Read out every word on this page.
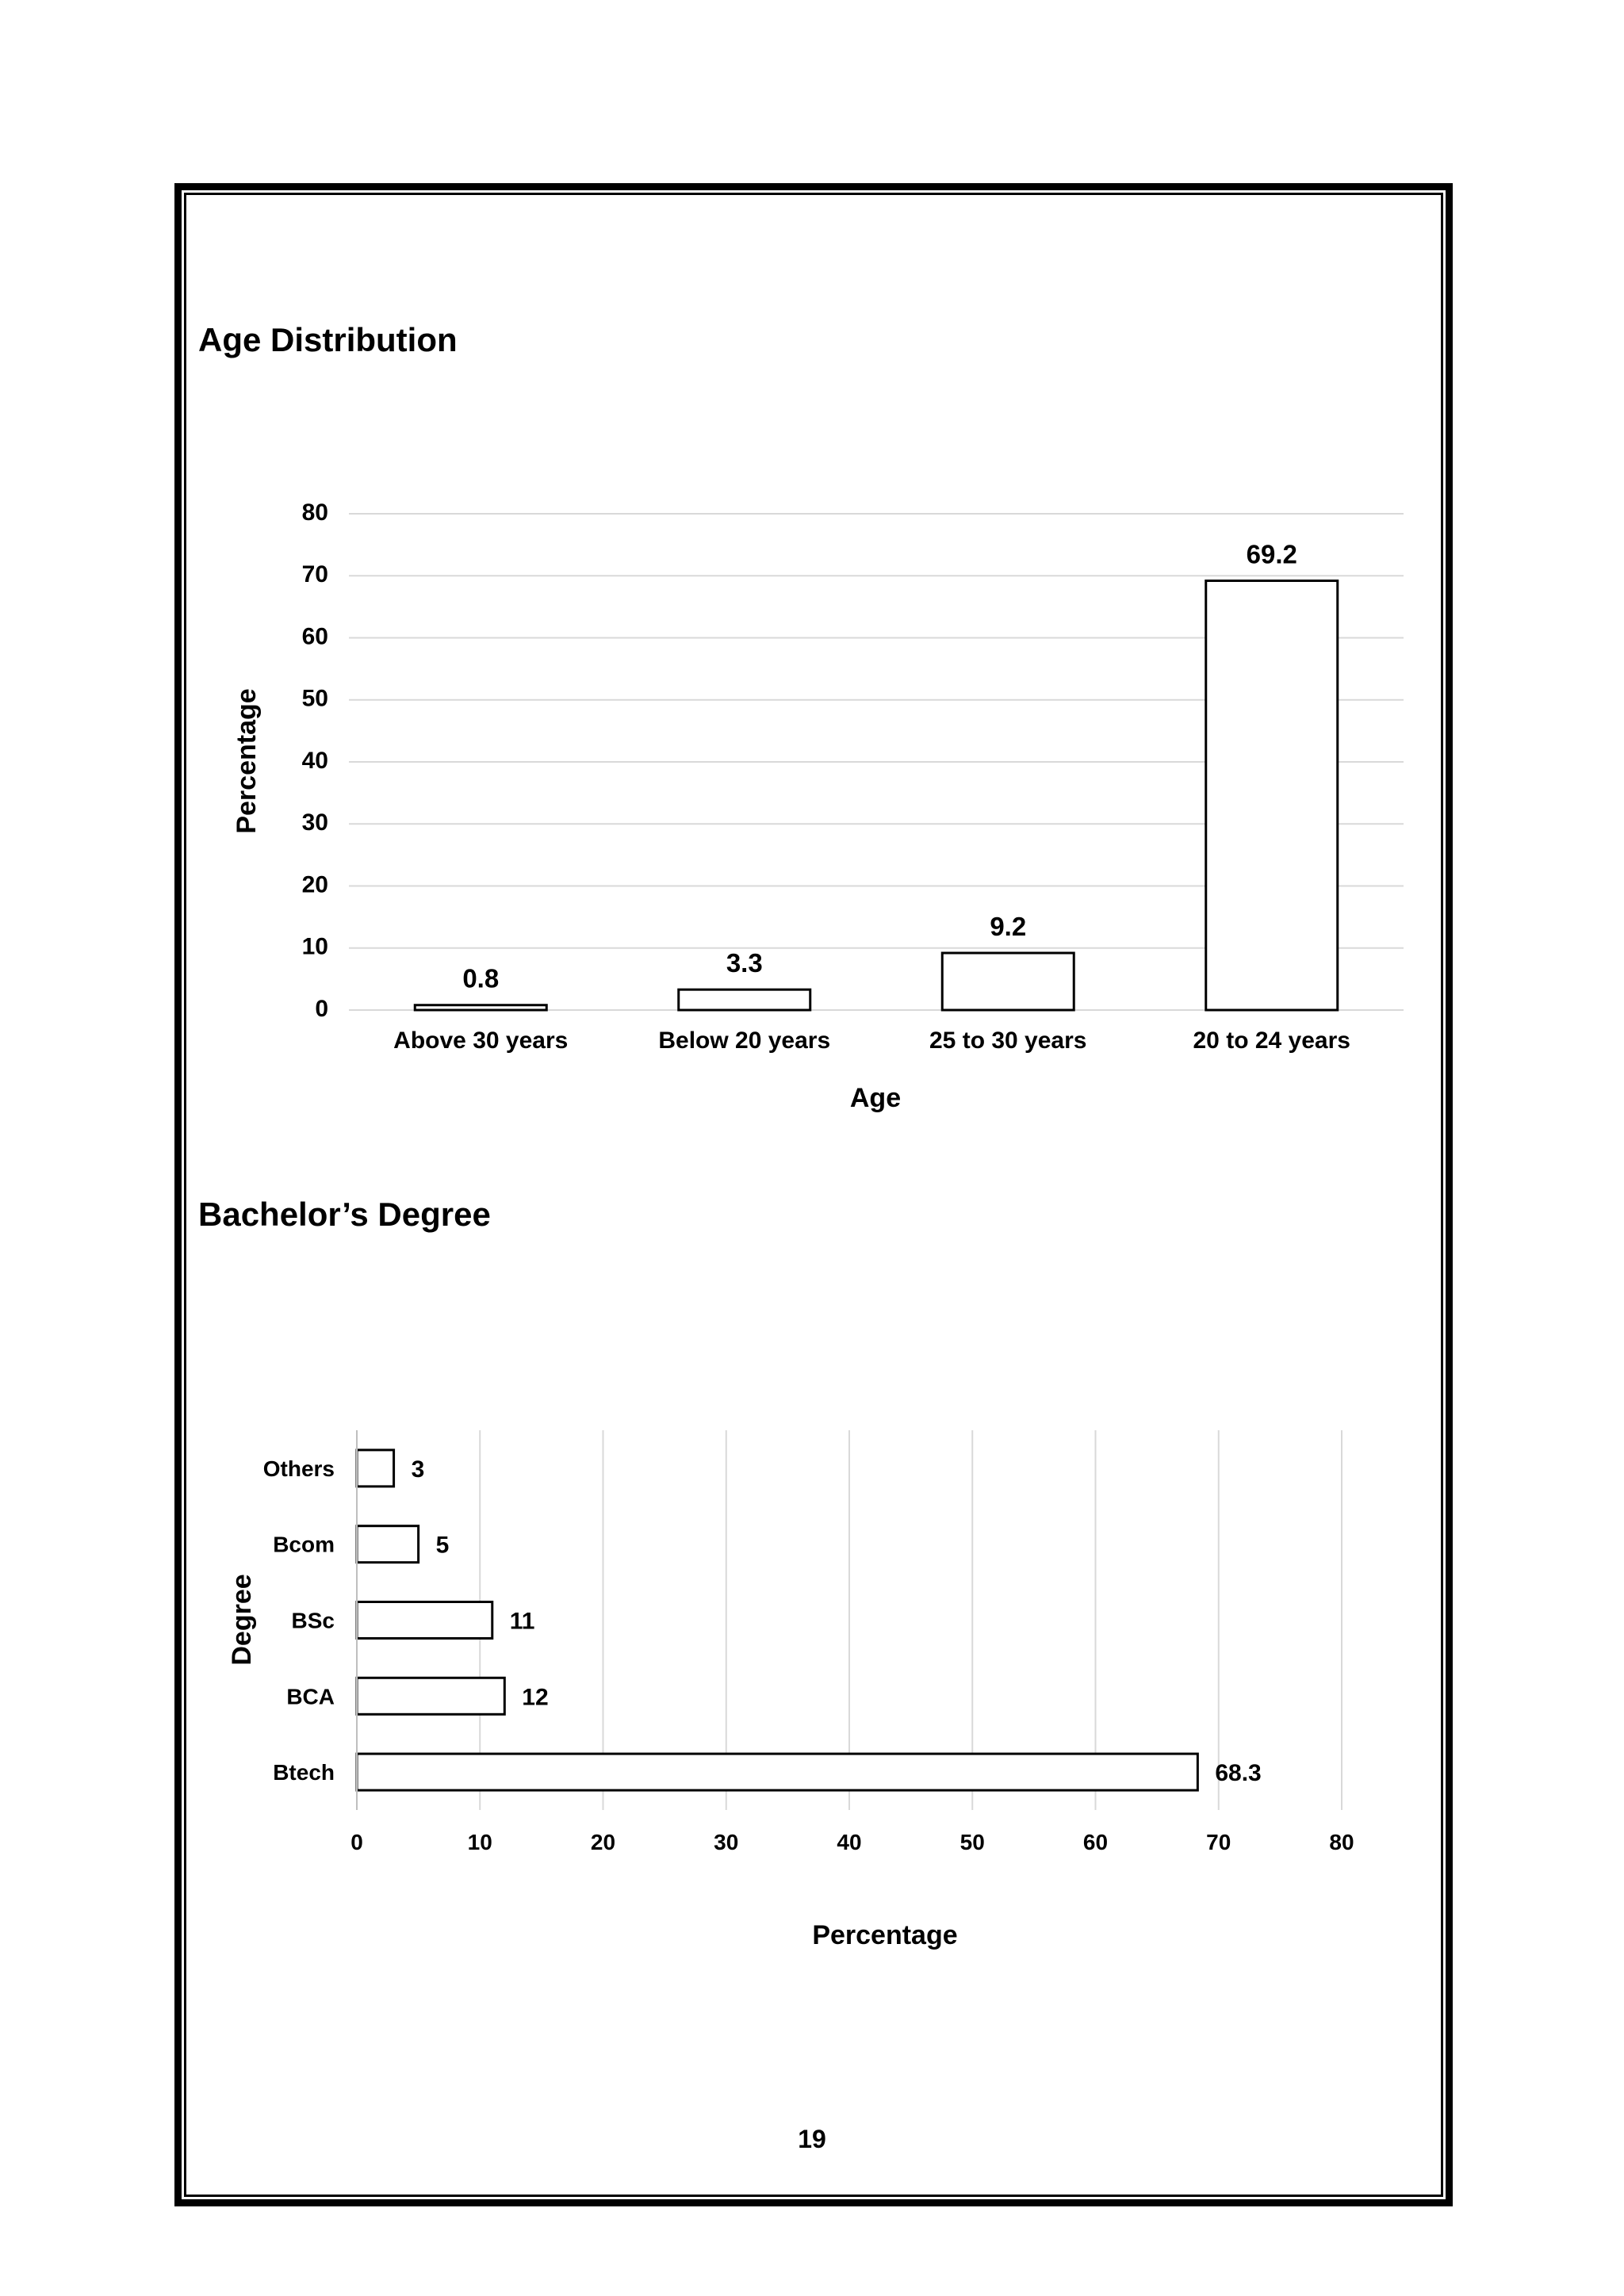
Age Distribution
Bachelor’s Degree
0
10
20
30
40
50
60
70
80
0.8
Above 30 years
3.3
Below 20 years
9.2
25 to 30 years
69.2
20 to 24 years
Age
Percentage
0	10	20	30	40	50	60	70	80
3
Others
5
Bcom
11
BSc
12
BCA
68.3
Btech
Percentage
Degree
19
